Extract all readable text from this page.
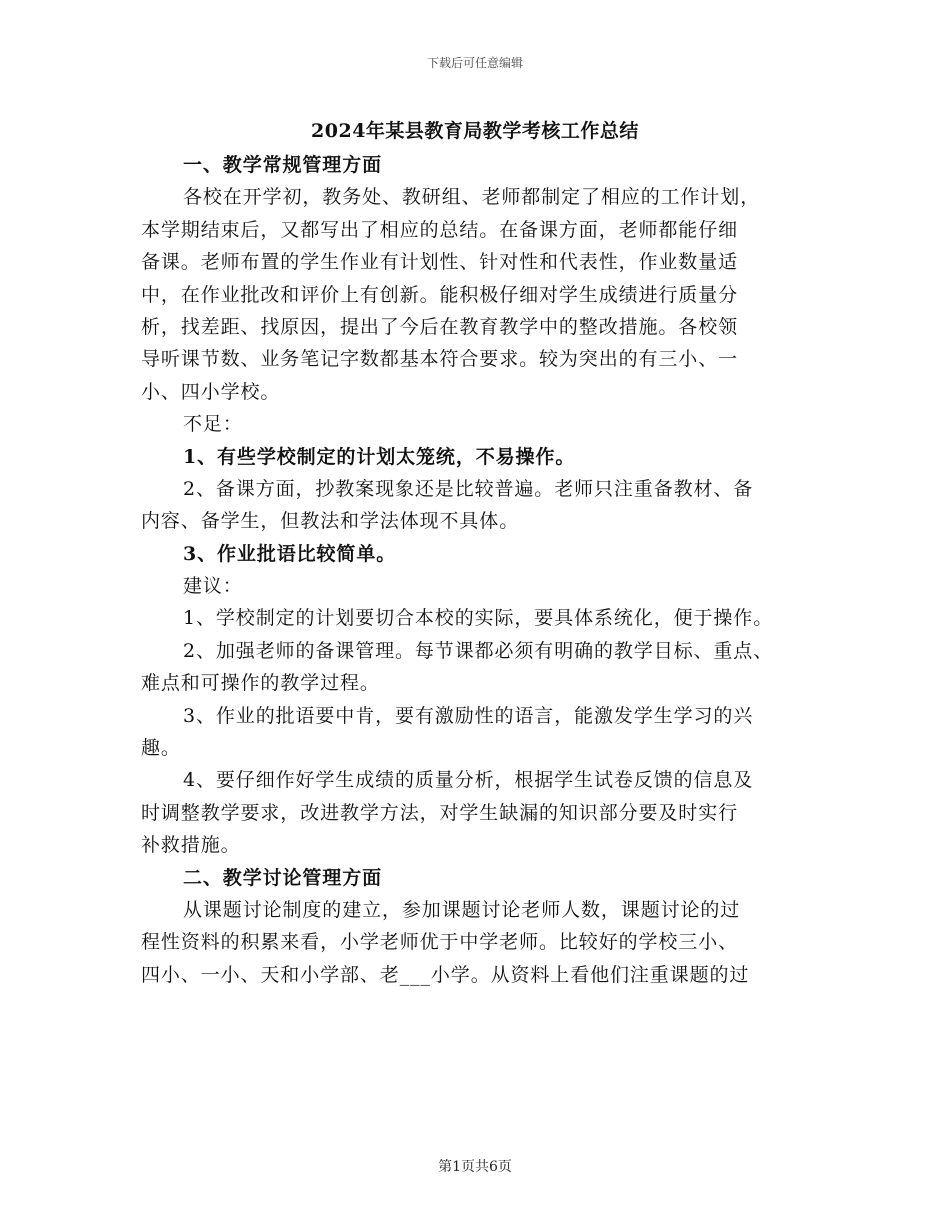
下载后可任意编辑
2024年某县教育局教学考核工作总结
一、教学常规管理方面
各校在开学初，教务处、教研组、老师都制定了相应的工作计划，
本学期结束后，又都写出了相应的总结。在备课方面，老师都能仔细
备课。老师布置的学生作业有计划性、针对性和代表性，作业数量适
中，在作业批改和评价上有创新。能积极仔细对学生成绩进行质量分
析，找差距、找原因，提出了今后在教育教学中的整改措施。各校领
导听课节数、业务笔记字数都基本符合要求。较为突出的有三小、一
小、四小学校。
不足：
1、有些学校制定的计划太笼统，不易操作。
2、备课方面，抄教案现象还是比较普遍。老师只注重备教材、备
内容、备学生，但教法和学法体现不具体。
3、作业批语比较简单。
建议：
1、学校制定的计划要切合本校的实际，要具体系统化，便于操作。
2、加强老师的备课管理。每节课都必须有明确的教学目标、重点、
难点和可操作的教学过程。
3、作业的批语要中肯，要有激励性的语言，能激发学生学习的兴
趣。
4、要仔细作好学生成绩的质量分析，根据学生试卷反馈的信息及
时调整教学要求，改进教学方法，对学生缺漏的知识部分要及时实行
补救措施。
二、教学讨论管理方面
从课题讨论制度的建立，参加课题讨论老师人数，课题讨论的过
程性资料的积累来看，小学老师优于中学老师。比较好的学校三小、
四小、一小、天和小学部、老___小学。从资料上看他们注重课题的过
第1页共6页
